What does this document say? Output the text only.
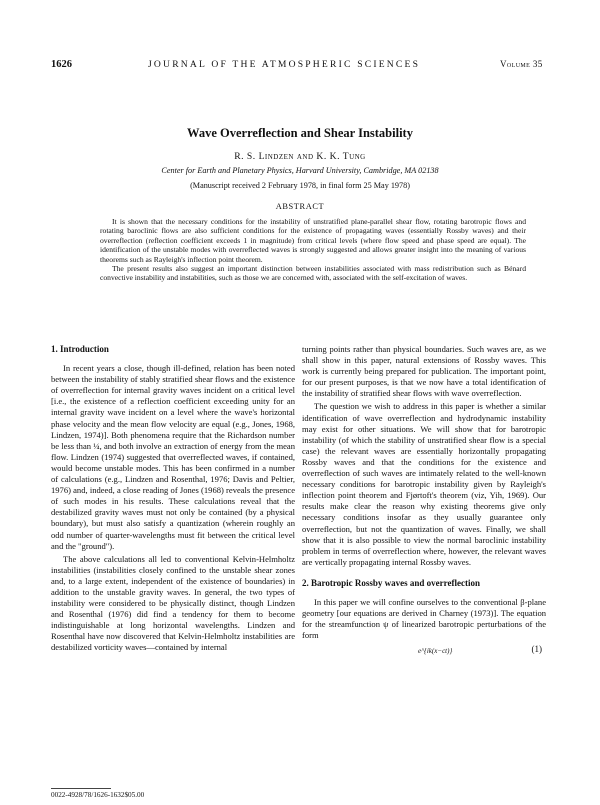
1626	JOURNAL OF THE ATMOSPHERIC SCIENCES	Volume 35
Wave Overreflection and Shear Instability
R. S. Lindzen and K. K. Tung
Center for Earth and Planetary Physics, Harvard University, Cambridge, MA 02138
(Manuscript received 2 February 1978, in final form 25 May 1978)
ABSTRACT

It is shown that the necessary conditions for the instability of unstratified plane-parallel shear flow, rotating barotropic flows and rotating baroclinic flows are also sufficient conditions for the existence of propagating waves (essentially Rossby waves) and their overreflection (reflection coefficient exceeds 1 in magnitude) from critical levels (where flow speed and phase speed are equal). The identification of the unstable modes with overreflected waves is strongly suggested and allows greater insight into the meaning of various theorems such as Rayleigh's inflection point theorem.

The present results also suggest an important distinction between instabilities associated with mass redistribution such as Bénard convective instability and instabilities, such as those we are concerned with, associated with the self-excitation of waves.

1. Introduction

In recent years a close, though ill-defined, relation has been noted between the instability of stably stratified shear flows and the existence of overreflection for internal gravity waves incident on a critical level [i.e., the existence of a reflection coefficient exceeding unity for an internal gravity wave incident on a level where the wave's horizontal phase velocity and the mean flow velocity are equal (e.g., Jones, 1968, Lindzen, 1974)]. Both phenomena require that the Richardson number be less than ¼, and both involve an extraction of energy from the mean flow. Lindzen (1974) suggested that overreflected waves, if contained, would become unstable modes. This has been confirmed in a number of calculations (e.g., Lindzen and Rosenthal, 1976; Davis and Peltier, 1976) and, indeed, a close reading of Jones (1968) reveals the presence of such modes in his results. These calculations reveal that the destabilized gravity waves must not only be contained (by a physical boundary), but must also satisfy a quantization (wherein roughly an odd number of quarter-wavelengths must fit between the critical level and the "ground").

The above calculations all led to conventional Kelvin-Helmholtz instabilities (instabilities closely confined to the unstable shear zones and, to a large extent, independent of the existence of boundaries) in addition to the unstable gravity waves. In general, the two types of instability were considered to be physically distinct, though Lindzen and Rosenthal (1976) did find a tendency for them to become indistinguishable at long horizontal wavelengths. Lindzen and Rosenthal have now discovered that Kelvin-Helmholtz instabilities are destabilized vorticity waves—contained by internal

turning points rather than physical boundaries. Such waves are, as we shall show in this paper, natural extensions of Rossby waves. This work is currently being prepared for publication. The important point, for our present purposes, is that we now have a total identification of the instability of stratified shear flows with wave overreflection.

The question we wish to address in this paper is whether a similar identification of wave overreflection and hydrodynamic instability may exist for other situations. We will show that for barotropic instability (of which the stability of unstratified shear flow is a special case) the relevant waves are essentially horizontally propagating Rossby waves and that the conditions for the existence and overreflection of such waves are intimately related to the well-known necessary conditions for barotropic instability given by Rayleigh's inflection point theorem and Fjørtoft's theorem (viz, Yih, 1969). Our results make clear the reason why existing theorems give only necessary conditions insofar as they usually guarantee only overreflection, but not the quantization of waves. Finally, we shall show that it is also possible to view the normal baroclinic instability problem in terms of overreflection where, however, the relevant waves are vertically propagating internal Rossby waves.

2. Barotropic Rossby waves and overreflection

In this paper we will confine ourselves to the conventional β-plane geometry [our equations are derived in Charney (1973)]. The equation for the streamfunction ψ of linearized barotropic perturbations of the form

e^{ik(x−ct)}	(1)
0022-4928/78/1626-1632$05.00
